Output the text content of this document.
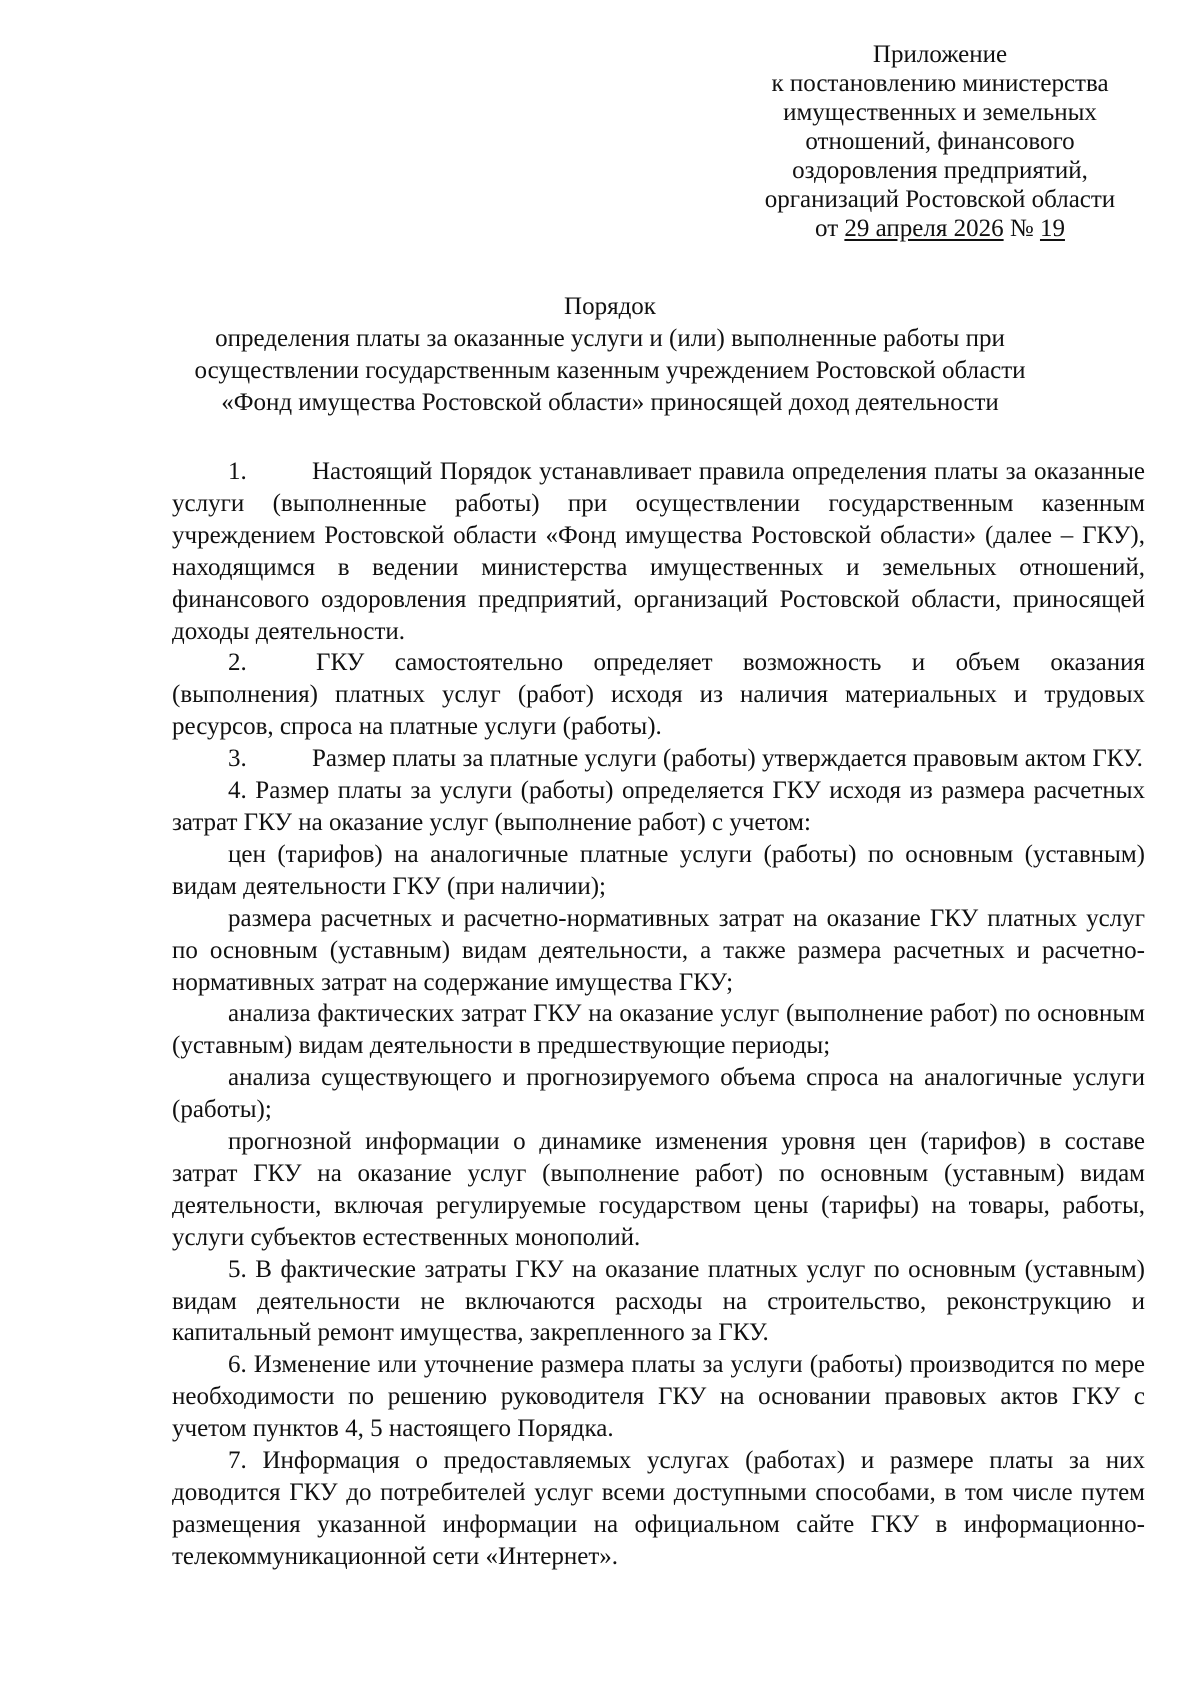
Приложение
к постановлению министерства
имущественных и земельных
отношений, финансового
оздоровления предприятий,
организаций Ростовской области
от 29 апреля 2026 № 19
Порядок
определения платы за оказанные услуги и (или) выполненные работы при
осуществлении государственным казенным учреждением Ростовской области
«Фонд имущества Ростовской области» приносящей доход деятельности

1.	Настоящий Порядок устанавливает правила определения платы за оказанные услуги (выполненные работы) при осуществлении государственным казенным учреждением Ростовской области «Фонд имущества Ростовской области» (далее – ГКУ), находящимся в ведении министерства имущественных и земельных отношений, финансового оздоровления предприятий, организаций Ростовской области, приносящей доходы деятельности.

2.	ГКУ самостоятельно определяет возможность и объем оказания (выполнения) платных услуг (работ) исходя из наличия материальных и трудовых ресурсов, спроса на платные услуги (работы).

3.	Размер платы за платные услуги (работы) утверждается правовым актом ГКУ.

4. Размер платы за услуги (работы) определяется ГКУ исходя из размера расчетных затрат ГКУ на оказание услуг (выполнение работ) с учетом:

цен (тарифов) на аналогичные платные услуги (работы) по основным (уставным) видам деятельности ГКУ (при наличии);

размера расчетных и расчетно-нормативных затрат на оказание ГКУ платных услуг по основным (уставным) видам деятельности, а также размера расчетных и расчетно-нормативных затрат на содержание имущества ГКУ;

анализа фактических затрат ГКУ на оказание услуг (выполнение работ) по основным (уставным) видам деятельности в предшествующие периоды;

анализа существующего и прогнозируемого объема спроса на аналогичные услуги (работы);

прогнозной информации о динамике изменения уровня цен (тарифов) в составе затрат ГКУ на оказание услуг (выполнение работ) по основным (уставным) видам деятельности, включая регулируемые государством цены (тарифы) на товары, работы, услуги субъектов естественных монополий.

5. В фактические затраты ГКУ на оказание платных услуг по основным (уставным) видам деятельности не включаются расходы на строительство, реконструкцию и капитальный ремонт имущества, закрепленного за ГКУ.

6. Изменение или уточнение размера платы за услуги (работы) производится по мере необходимости по решению руководителя ГКУ на основании правовых актов ГКУ с учетом пунктов 4, 5 настоящего Порядка.

7. Информация о предоставляемых услугах (работах) и размере платы за них доводится ГКУ до потребителей услуг всеми доступными способами, в том числе путем размещения указанной информации на официальном сайте ГКУ в информационно-телекоммуникационной сети «Интернет».
